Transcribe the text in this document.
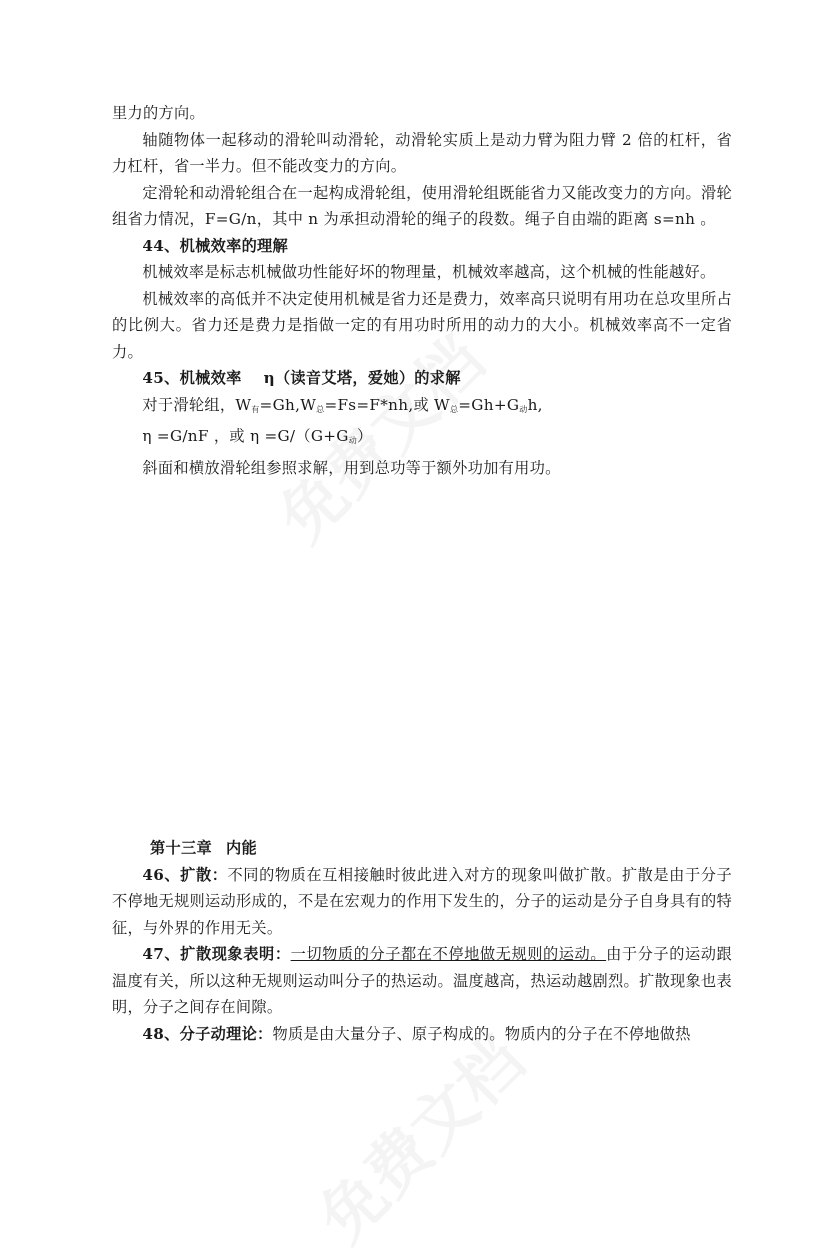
里力的方向。

轴随物体一起移动的滑轮叫动滑轮，动滑轮实质上是动力臂为阻力臂 2 倍的杠杆，省力杠杆，省一半力。但不能改变力的方向。

定滑轮和动滑轮组合在一起构成滑轮组，使用滑轮组既能省力又能改变力的方向。滑轮组省力情况，F=G/n，其中 n 为承担动滑轮的绳子的段数。绳子自由端的距离 s=nh 。

44、机械效率的理解

机械效率是标志机械做功性能好坏的物理量，机械效率越高，这个机械的性能越好。

机械效率的高低并不决定使用机械是省力还是费力，效率高只说明有用功在总攻里所占的比例大。省力还是费力是指做一定的有用功时所用的动力的大小。机械效率高不一定省力。

45、机械效率 η（读音艾塔，爱她）的求解

对于滑轮组，$W_有=Gh,W_总=Fs=F*nh$,或 $W_总=Gh+G_动h$,

η =G/nF ，或 $\eta =G/(G+G_动)$

斜面和横放滑轮组参照求解，用到总功等于额外功加有用功。

第十三章 内能

46、扩散：不同的物质在互相接触时彼此进入对方的现象叫做扩散。扩散是由于分子不停地无规则运动形成的，不是在宏观力的作用下发生的，分子的运动是分子自身具有的特征，与外界的作用无关。

47、扩散现象表明：一切物质的分子都在不停地做无规则的运动。由于分子的运动跟温度有关，所以这种无规则运动叫分子的热运动。温度越高，热运动越剧烈。扩散现象也表明，分子之间存在间隙。

48、分子动理论：物质是由大量分子、原子构成的。物质内的分子在不停地做热
